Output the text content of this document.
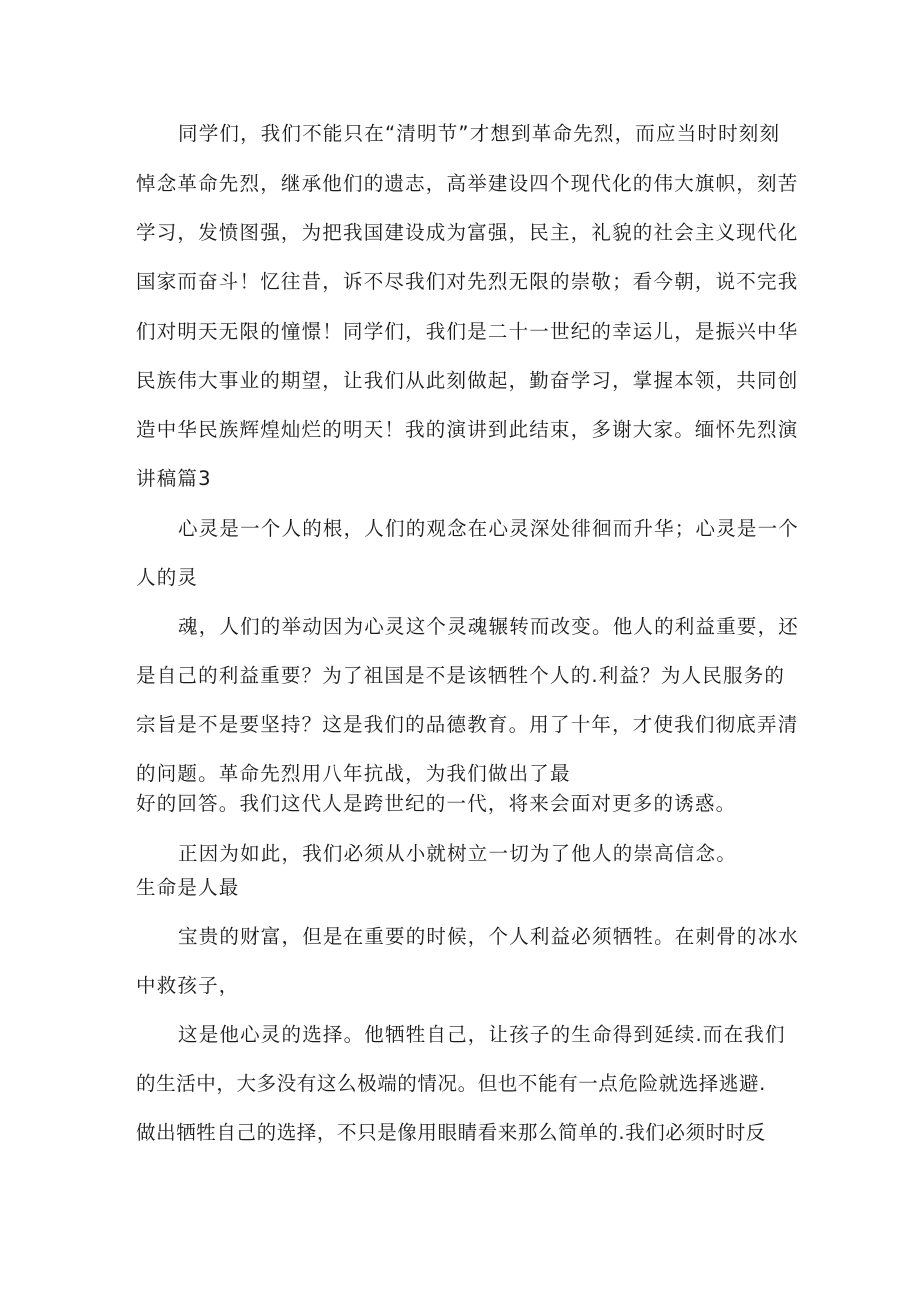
同学们，我们不能只在“清明节”才想到革命先烈，而应当时时刻刻
悼念革命先烈，继承他们的遗志，高举建设四个现代化的伟大旗帜，刻苦
学习，发愤图强，为把我国建设成为富强，民主，礼貌的社会主义现代化
国家而奋斗！忆往昔，诉不尽我们对先烈无限的崇敬；看今朝，说不完我
们对明天无限的憧憬！同学们，我们是二十一世纪的幸运儿，是振兴中华
民族伟大事业的期望，让我们从此刻做起，勤奋学习，掌握本领，共同创
造中华民族辉煌灿烂的明天！我的演讲到此结束，多谢大家。缅怀先烈演
讲稿篇3
心灵是一个人的根，人们的观念在心灵深处徘徊而升华；心灵是一个
人的灵
魂，人们的举动因为心灵这个灵魂辗转而改变。他人的利益重要，还
是自己的利益重要？为了祖国是不是该牺牲个人的.利益？为人民服务的
宗旨是不是要坚持？这是我们的品德教育。用了十年，才使我们彻底弄清
的问题。革命先烈用八年抗战，为我们做出了最
好的回答。我们这代人是跨世纪的一代，将来会面对更多的诱惑。
正因为如此，我们必须从小就树立一切为了他人的崇高信念。
生命是人最
宝贵的财富，但是在重要的时候，个人利益必须牺牲。在刺骨的冰水
中救孩子，
这是他心灵的选择。他牺牲自己，让孩子的生命得到延续.而在我们
的生活中，大多没有这么极端的情况。但也不能有一点危险就选择逃避.
做出牺牲自己的选择，不只是像用眼睛看来那么简单的.我们必须时时反
